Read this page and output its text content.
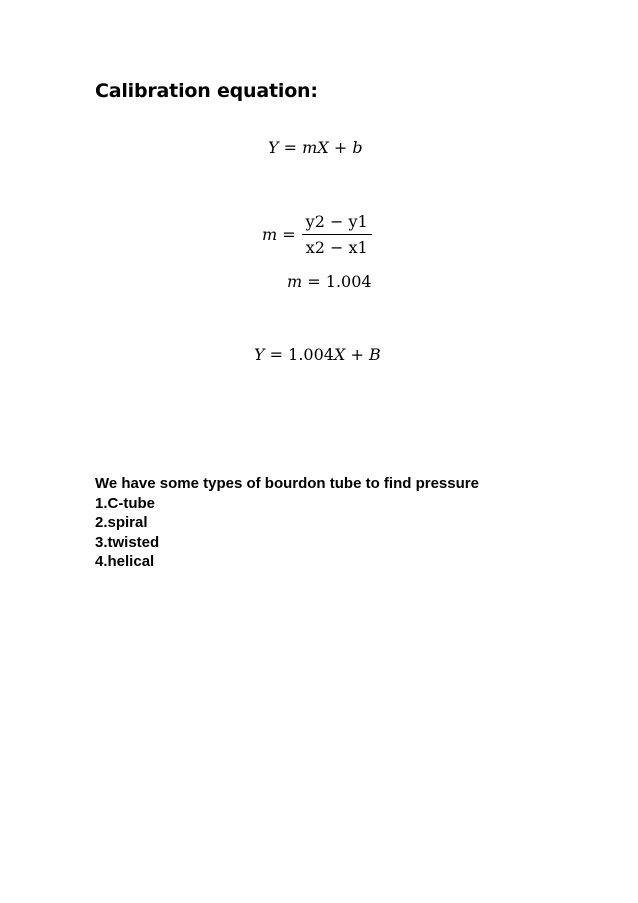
Calibration equation:
Y = mX + b
$m = \frac{y2 - y1}{x2 - x1}$
m = 1.004
Y = 1.004X + B
We have some types of bourdon tube to find pressure
1.C-tube
2.spiral
3.twisted
4.helical
